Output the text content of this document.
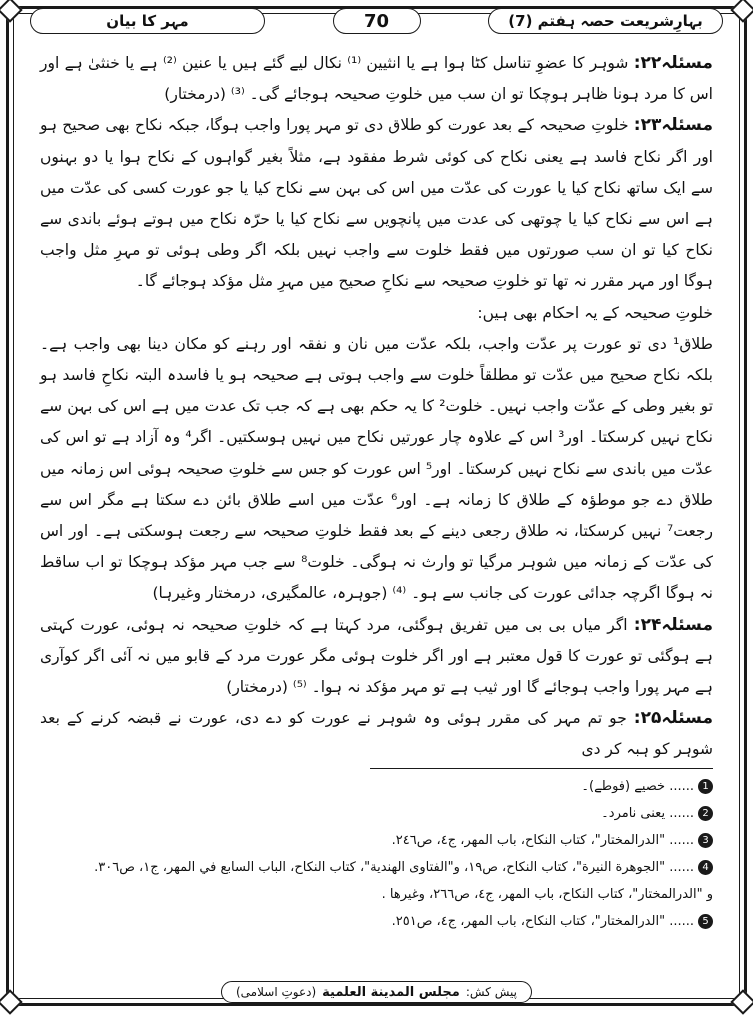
بہارِشریعت حصہ ہفتم (7)
70
مہر کا بیان

مسئلہ۲۲: شوہر کا عضوِ تناسل کٹا ہوا ہے یا انثیین ⁽¹⁾ نکال لیے گئے ہیں یا عنین ⁽²⁾ ہے یا خنثیٰ ہے اور اس کا مرد ہونا ظاہر ہوچکا تو ان سب میں خلوتِ صحیحہ ہوجائے گی۔ ⁽³⁾ (درمختار)

مسئلہ۲۳: خلوتِ صحیحہ کے بعد عورت کو طلاق دی تو مہر پورا واجب ہوگا، جبکہ نکاح بھی صحیح ہو اور اگر نکاح فاسد ہے یعنی نکاح کی کوئی شرط مفقود ہے، مثلاً بغیر گواہوں کے نکاح ہوا یا دو بہنوں سے ایک ساتھ نکاح کیا یا عورت کی عدّت میں اس کی بہن سے نکاح کیا یا جو عورت کسی کی عدّت میں ہے اس سے نکاح کیا یا چوتھی کی عدت میں پانچویں سے نکاح کیا یا حرّہ نکاح میں ہوتے ہوئے باندی سے نکاح کیا تو ان سب صورتوں میں فقط خلوت سے واجب نہیں بلکہ اگر وطی ہوئی تو مہرِ مثل واجب ہوگا اور مہر مقرر نہ تھا تو خلوتِ صحیحہ سے نکاحِ صحیح میں مہرِ مثل مؤکد ہوجائے گا۔

خلوتِ صحیحہ کے یہ احکام بھی ہیں:

طلاق¹ دی تو عورت پر عدّت واجب، بلکہ عدّت میں نان و نفقہ اور رہنے کو مکان دینا بھی واجب ہے۔ بلکہ نکاح صحیح میں عدّت تو مطلقاً خلوت سے واجب ہوتی ہے صحیحہ ہو یا فاسدہ البتہ نکاحِ فاسد ہو تو بغیر وطی کے عدّت واجب نہیں۔ خلوت² کا یہ حکم بھی ہے کہ جب تک عدت میں ہے اس کی بہن سے نکاح نہیں کرسکتا۔ اور³ اس کے علاوہ چار عورتیں نکاح میں نہیں ہوسکتیں۔ اگر⁴ وہ آزاد ہے تو اس کی عدّت میں باندی سے نکاح نہیں کرسکتا۔ اور⁵ اس عورت کو جس سے خلوتِ صحیحہ ہوئی اس زمانہ میں طلاق دے جو موطؤہ کے طلاق کا زمانہ ہے۔ اور⁶ عدّت میں اسے طلاق بائن دے سکتا ہے مگر اس سے رجعت⁷ نہیں کرسکتا، نہ طلاق رجعی دینے کے بعد فقط خلوتِ صحیحہ سے رجعت ہوسکتی ہے۔ اور اس کی عدّت کے زمانہ میں شوہر مرگیا تو وارث نہ ہوگی۔ خلوت⁸ سے جب مہر مؤکد ہوچکا تو اب ساقط نہ ہوگا اگرچہ جدائی عورت کی جانب سے ہو۔ ⁽⁴⁾ (جوہرہ، عالمگیری، درمختار وغیرہا)

مسئلہ۲۴: اگر میاں بی بی میں تفریق ہوگئی، مرد کہتا ہے کہ خلوتِ صحیحہ نہ ہوئی، عورت کہتی ہے ہوگئی تو عورت کا قول معتبر ہے اور اگر خلوت ہوئی مگر عورت مرد کے قابو میں نہ آئی اگر کوآری ہے مہر پورا واجب ہوجائے گا اور ثیب ہے تو مہر مؤکد نہ ہوا۔ ⁽⁵⁾ (درمختار)

مسئلہ۲۵: جو تم مہر کی مقرر ہوئی وہ شوہر نے عورت کو دے دی، عورت نے قبضہ کرنے کے بعد شوہر کو ہبہ کر دی

1
...... خصیے (فوطے)۔
2
...... یعنی نامرد۔
3
...... "الدرالمختار"، كتاب النكاح، باب المهر، ج٤، ص٢٤٦.
4
...... "الجوهرة النيرة"، كتاب النكاح، ص١٩، و"الفتاوى الهندية"، كتاب النكاح، الباب السابع في المهر، ج١، ص٣٠٦.
و "الدرالمختار"، كتاب النكاح، باب المهر، ج٤، ص٢٦٦، وغيرها .
5
...... "الدرالمختار"، كتاب النكاح، باب المهر، ج٤، ص٢٥١.
پیش کش:
مجلس المدينة العلمية
(دعوتِ اسلامی)
